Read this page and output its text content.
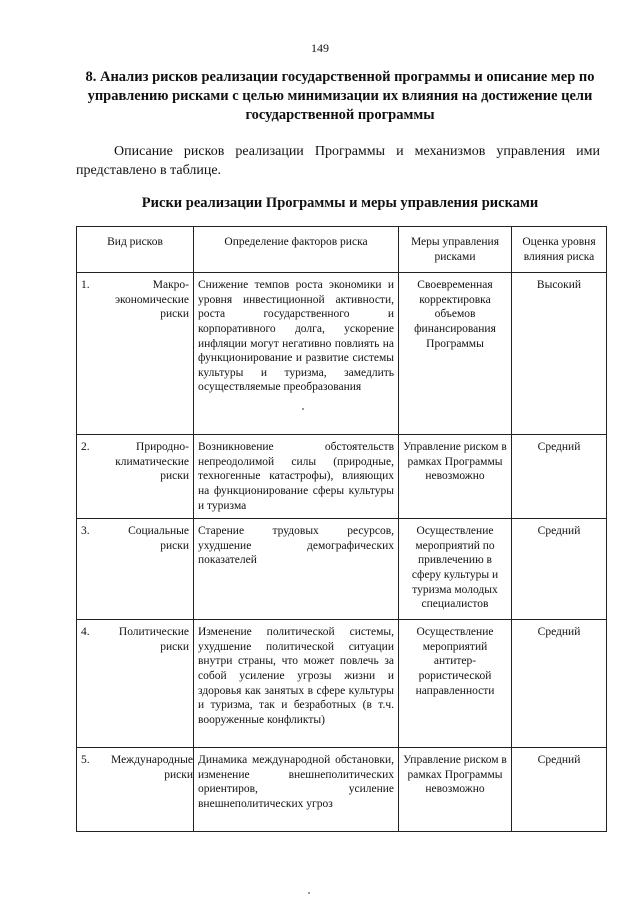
149
8. Анализ рисков реализации государственной программы и описание мер по управлению рисками с целью минимизации их влияния на достижение цели государственной программы

Описание рисков реализации Программы и механизмов управления ими представлено в таблице.

Риски реализации Программы и меры управления рисками
Вид рисков	Определение факторов риска	Меры управления рисками	Оценка уровня влияния риска

1. Макро-экономические риски	Снижение темпов роста экономики и уровня инвестиционной активности, роста государственного и корпоративного долга, ускорение инфляции могут негативно повлиять на функционирование и развитие системы культуры и туризма, замедлить осуществляемые преобразования	Своевременная корректировка объемов финансирования Программы	Высокий

2. Природно-климатические риски	Возникновение обстоятельств непреодолимой силы (природные, техногенные катастрофы), влияющих на функционирование сферы культуры и туризма	Управление риском в рамках Программы невозможно	Средний

3. Социальные риски	Старение трудовых ресурсов, ухудшение демографических показателей	Осуществление мероприятий по привлечению в сферу культуры и туризма молодых специалистов	Средний

4. Политические риски	Изменение политической системы, ухудшение политической ситуации внутри страны, что может повлечь за собой усиление угрозы жизни и здоровья как занятых в сфере культуры и туризма, так и безработных (в т.ч. вооруженные конфликты)	Осуществление мероприятий антитер-рористической направленности	Средний

5. Международные риски	Динамика международной обстановки, изменение внешнеполитических ориентиров, усиление внешнеполитических угроз	Управление риском в рамках Программы невозможно	Средний
